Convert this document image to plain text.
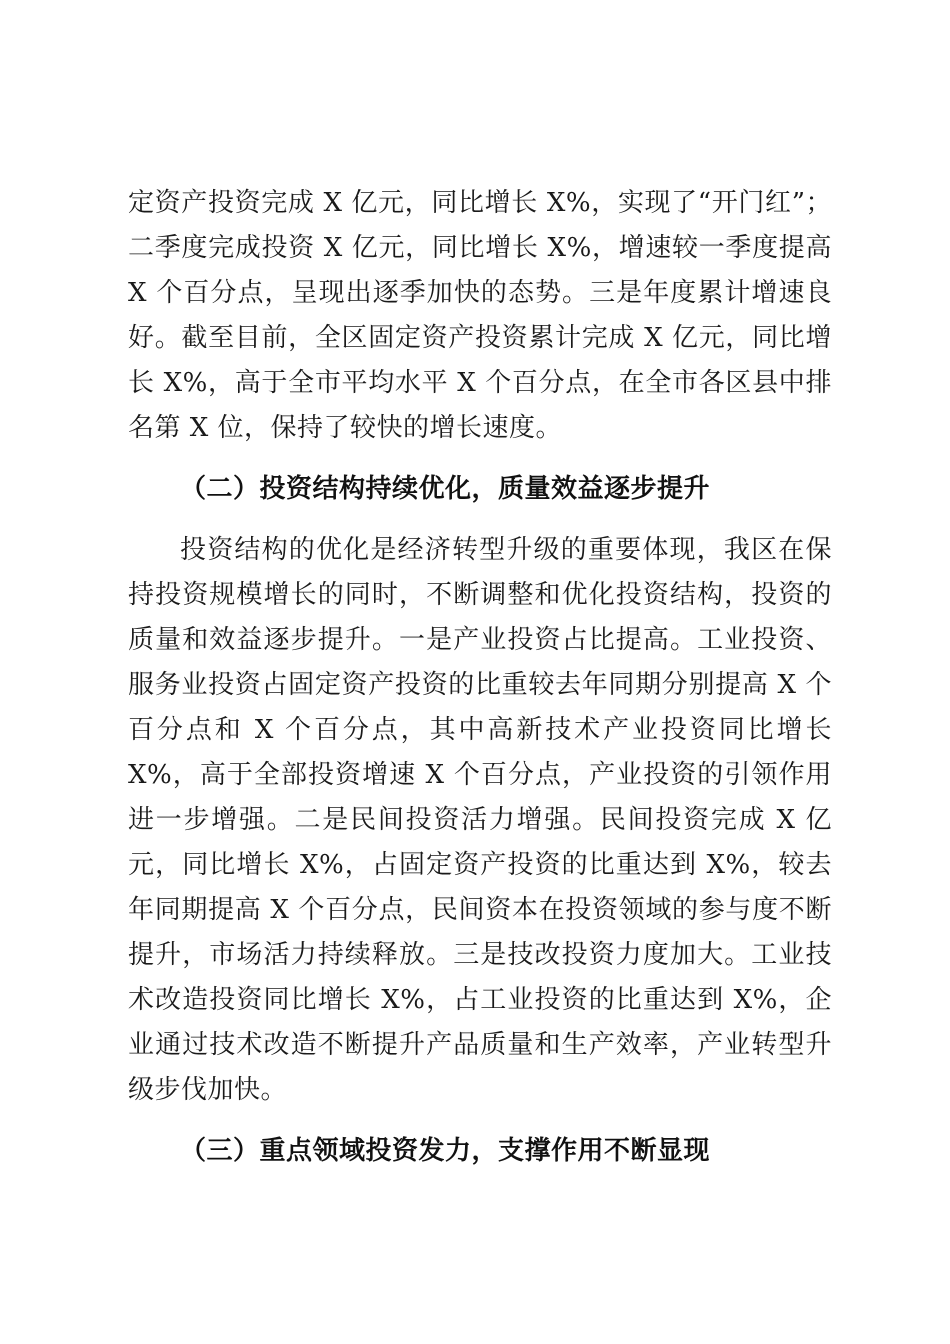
定资产投资完成 X 亿元，同比增长 X%，实现了“开门红”；二季度完成投资 X 亿元，同比增长 X%，增速较一季度提高 X 个百分点，呈现出逐季加快的态势。三是年度累计增速良好。截至目前，全区固定资产投资累计完成 X 亿元，同比增长 X%，高于全市平均水平 X 个百分点，在全市各区县中排名第 X 位，保持了较快的增长速度。

（二）投资结构持续优化，质量效益逐步提升

投资结构的优化是经济转型升级的重要体现，我区在保持投资规模增长的同时，不断调整和优化投资结构，投资的质量和效益逐步提升。一是产业投资占比提高。工业投资、服务业投资占固定资产投资的比重较去年同期分别提高 X 个百分点和 X 个百分点，其中高新技术产业投资同比增长 X%，高于全部投资增速 X 个百分点，产业投资的引领作用进一步增强。二是民间投资活力增强。民间投资完成 X 亿元，同比增长 X%，占固定资产投资的比重达到 X%，较去年同期提高 X 个百分点，民间资本在投资领域的参与度不断提升，市场活力持续释放。三是技改投资力度加大。工业技术改造投资同比增长 X%，占工业投资的比重达到 X%，企业通过技术改造不断提升产品质量和生产效率，产业转型升级步伐加快。

（三）重点领域投资发力，支撑作用不断显现
